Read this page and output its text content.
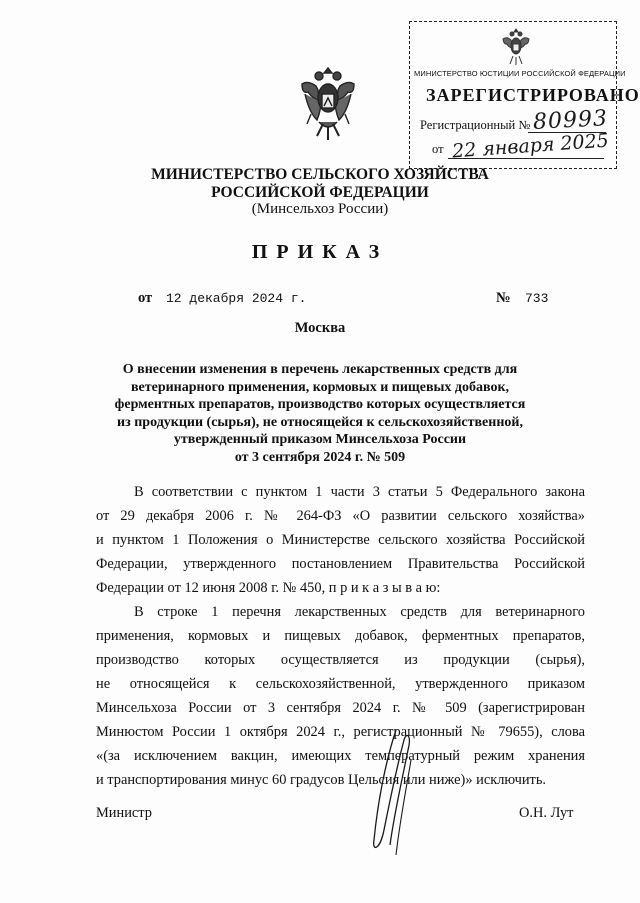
МИНИСТЕРСТВО ЮСТИЦИИ РОССИЙСКОЙ ФЕДЕРАЦИИ
ЗАРЕГИСТРИРОВАНО
Регистрационный № 80993
от 22 января 2025
МИНИСТЕРСТВО СЕЛЬСКОГО ХОЗЯЙСТВА
РОССИЙСКОЙ ФЕДЕРАЦИИ
(Минсельхоз России)
ПРИКАЗ
от 12 декабря 2024 г.	№ 733
Москва
О внесении изменения в перечень лекарственных средств для
ветеринарного применения, кормовых и пищевых добавок,
ферментных препаратов, производство которых осуществляется
из продукции (сырья), не относящейся к сельскохозяйственной,
утвержденный приказом Минсельхоза России
от 3 сентября 2024 г. № 509
В соответствии с пунктом 1 части 3 статьи 5 Федерального закона
от 29 декабря 2006 г. № 264-ФЗ «О развитии сельского хозяйства»
и пунктом 1 Положения о Министерстве сельского хозяйства Российской
Федерации, утвержденного постановлением Правительства Российской
Федерации от 12 июня 2008 г. № 450, п р и к а з ы в а ю:
В строке 1 перечня лекарственных средств для ветеринарного
применения, кормовых и пищевых добавок, ферментных препаратов,
производство которых осуществляется из продукции (сырья),
не относящейся к сельскохозяйственной, утвержденного приказом
Минсельхоза России от 3 сентября 2024 г. № 509 (зарегистрирован
Минюстом России 1 октября 2024 г., регистрационный № 79655), слова
«(за исключением вакцин, имеющих температурный режим хранения
и транспортирования минус 60 градусов Цельсия или ниже)» исключить.
Министр	О.Н. Лут
